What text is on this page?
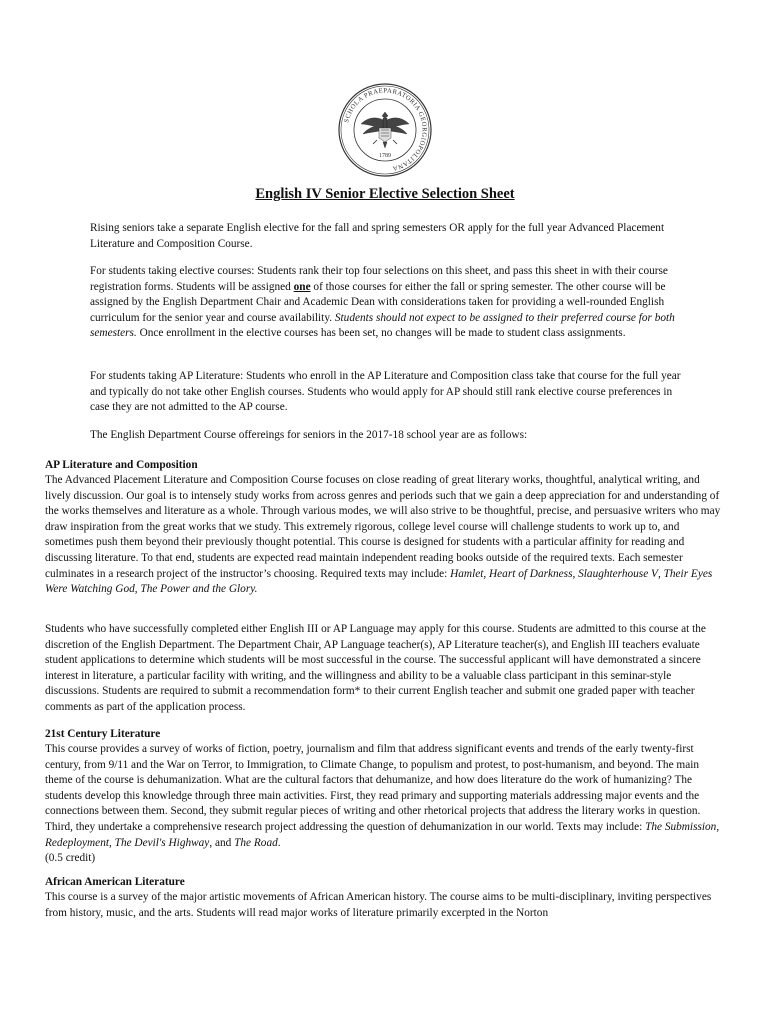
SCHOLA PRAEPARATORIA GEORGIOPOLITANA
1789
English IV Senior Elective Selection Sheet

Rising seniors take a separate English elective for the fall and spring semesters OR apply for the full year Advanced Placement Literature and Composition Course.

For students taking elective courses: Students rank their top four selections on this sheet, and pass this sheet in with their course registration forms. Students will be assigned one of those courses for either the fall or spring semester. The other course will be assigned by the English Department Chair and Academic Dean with considerations taken for providing a well-rounded English curriculum for the senior year and course availability. Students should not expect to be assigned to their preferred course for both semesters. Once enrollment in the elective courses has been set, no changes will be made to student class assignments.

For students taking AP Literature: Students who enroll in the AP Literature and Composition class take that course for the full year and typically do not take other English courses. Students who would apply for AP should still rank elective course preferences in case they are not admitted to the AP course.

The English Department Course offereings for seniors in the 2017-18 school year are as follows:

AP Literature and Composition

The Advanced Placement Literature and Composition Course focuses on close reading of great literary works, thoughtful, analytical writing, and lively discussion. Our goal is to intensely study works from across genres and periods such that we gain a deep appreciation for and understanding of the works themselves and literature as a whole. Through various modes, we will also strive to be thoughtful, precise, and persuasive writers who may draw inspiration from the great works that we study. This extremely rigorous, college level course will challenge students to work up to, and sometimes push them beyond their previously thought potential. This course is designed for students with a particular affinity for reading and discussing literature. To that end, students are expected read maintain independent reading books outside of the required texts. Each semester culminates in a research project of the instructor’s choosing. Required texts may include: Hamlet, Heart of Darkness, Slaughterhouse V, Their Eyes Were Watching God, The Power and the Glory.

Students who have successfully completed either English III or AP Language may apply for this course. Students are admitted to this course at the discretion of the English Department. The Department Chair, AP Language teacher(s), AP Literature teacher(s), and English III teachers evaluate student applications to determine which students will be most successful in the course. The successful applicant will have demonstrated a sincere interest in literature, a particular facility with writing, and the willingness and ability to be a valuable class participant in this seminar-style discussions. Students are required to submit a recommendation form* to their current English teacher and submit one graded paper with teacher comments as part of the application process.

21st Century Literature

This course provides a survey of works of fiction, poetry, journalism and film that address significant events and trends of the early twenty-first century, from 9/11 and the War on Terror, to Immigration, to Climate Change, to populism and protest, to post-humanism, and beyond. The main theme of the course is dehumanization. What are the cultural factors that dehumanize, and how does literature do the work of humanizing? The students develop this knowledge through three main activities. First, they read primary and supporting materials addressing major events and the connections between them. Second, they submit regular pieces of writing and other rhetorical projects that address the literary works in question. Third, they undertake a comprehensive research project addressing the question of dehumanization in our world. Texts may include: The Submission, Redeployment, The Devil's Highway, and The Road.
(0.5 credit)

African American Literature

This course is a survey of the major artistic movements of African American history. The course aims to be multi-disciplinary, inviting perspectives from history, music, and the arts. Students will read major works of literature primarily excerpted in the Norton
